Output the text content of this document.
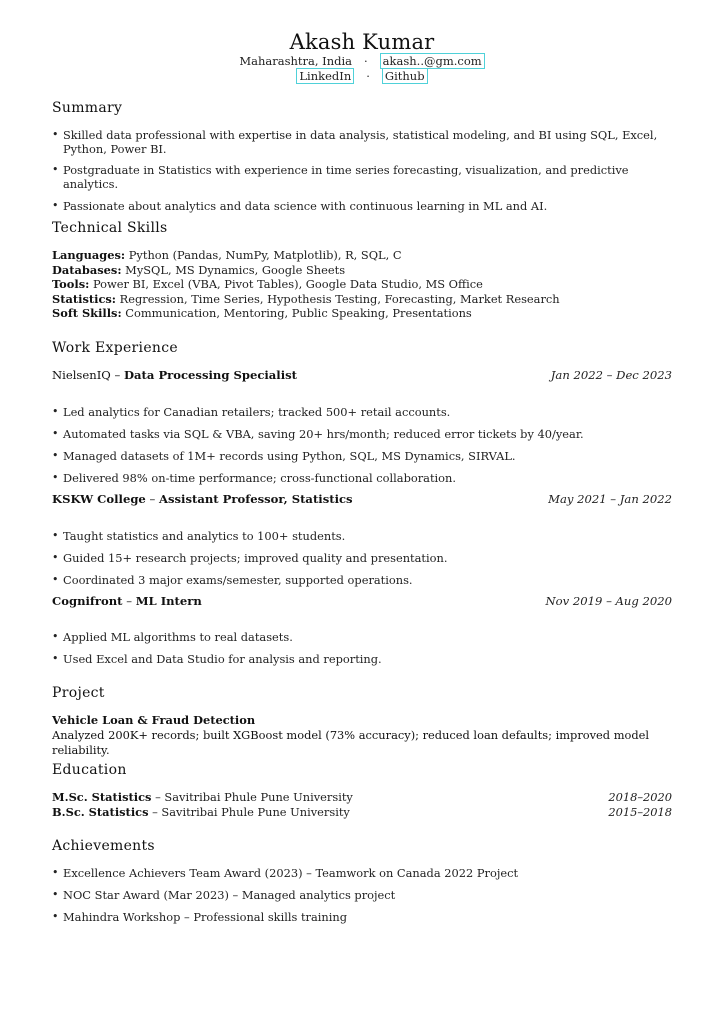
Akash Kumar
Maharashtra, India · akash..@gm.com
LinkedIn · Github
Summary
• Skilled data professional with expertise in data analysis, statistical modeling, and BI using SQL, Excel, Python, Power BI.
• Postgraduate in Statistics with experience in time series forecasting, visualization, and predictive analytics.
• Passionate about analytics and data science with continuous learning in ML and AI.
Technical Skills
Languages: Python (Pandas, NumPy, Matplotlib), R, SQL, C
Databases: MySQL, MS Dynamics, Google Sheets
Tools: Power BI, Excel (VBA, Pivot Tables), Google Data Studio, MS Office
Statistics: Regression, Time Series, Hypothesis Testing, Forecasting, Market Research
Soft Skills: Communication, Mentoring, Public Speaking, Presentations
Work Experience
NielsenIQ – Data Processing Specialist	Jan 2022 – Dec 2023
• Led analytics for Canadian retailers; tracked 500+ retail accounts.
• Automated tasks via SQL & VBA, saving 20+ hrs/month; reduced error tickets by 40/year.
• Managed datasets of 1M+ records using Python, SQL, MS Dynamics, SIRVAL.
• Delivered 98% on-time performance; cross-functional collaboration.
KSKW College – Assistant Professor, Statistics	May 2021 – Jan 2022
• Taught statistics and analytics to 100+ students.
• Guided 15+ research projects; improved quality and presentation.
• Coordinated 3 major exams/semester, supported operations.
Cognifront – ML Intern	Nov 2019 – Aug 2020
• Applied ML algorithms to real datasets.
• Used Excel and Data Studio for analysis and reporting.
Project
Vehicle Loan & Fraud Detection
Analyzed 200K+ records; built XGBoost model (73% accuracy); reduced loan defaults; improved model reliability.
Education
M.Sc. Statistics – Savitribai Phule Pune University	2018–2020
B.Sc. Statistics – Savitribai Phule Pune University	2015–2018
Achievements
• Excellence Achievers Team Award (2023) – Teamwork on Canada 2022 Project
• NOC Star Award (Mar 2023) – Managed analytics project
• Mahindra Workshop – Professional skills training
